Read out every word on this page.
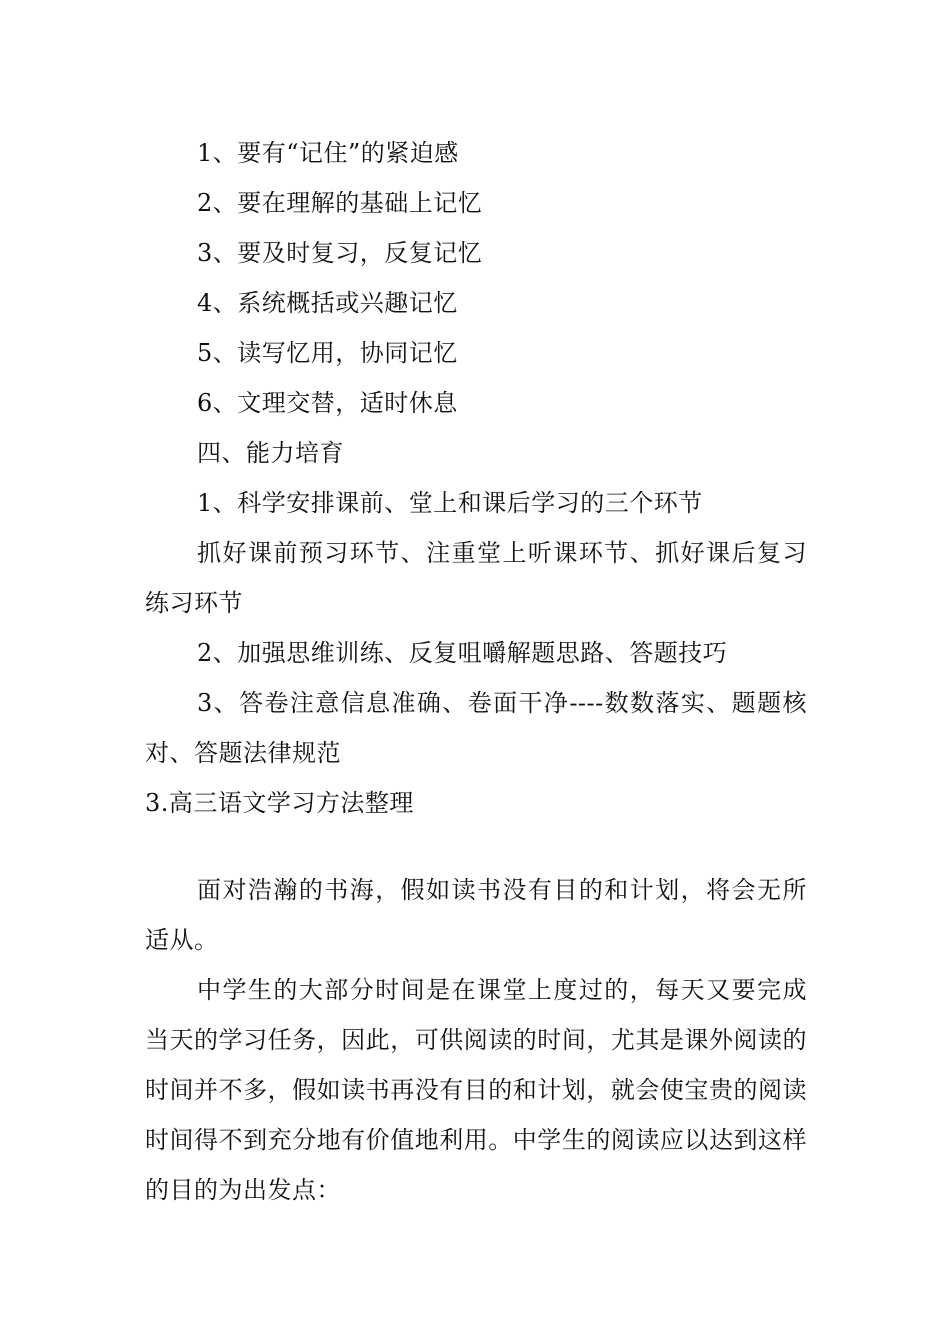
1、要有“记住”的紧迫感
2、要在理解的基础上记忆
3、要及时复习，反复记忆
4、系统概括或兴趣记忆
5、读写忆用，协同记忆
6、文理交替，适时休息
四、能力培育
1、科学安排课前、堂上和课后学习的三个环节
抓好课前预习环节、注重堂上听课环节、抓好课后复习练习环节
2、加强思维训练、反复咀嚼解题思路、答题技巧
3、答卷注意信息准确、卷面干净----数数落实、题题核对、答题法律规范
3.高三语文学习方法整理
面对浩瀚的书海，假如读书没有目的和计划，将会无所适从。
中学生的大部分时间是在课堂上度过的，每天又要完成当天的学习任务，因此，可供阅读的时间，尤其是课外阅读的时间并不多，假如读书再没有目的和计划，就会使宝贵的阅读时间得不到充分地有价值地利用。中学生的阅读应以达到这样的目的为出发点：
